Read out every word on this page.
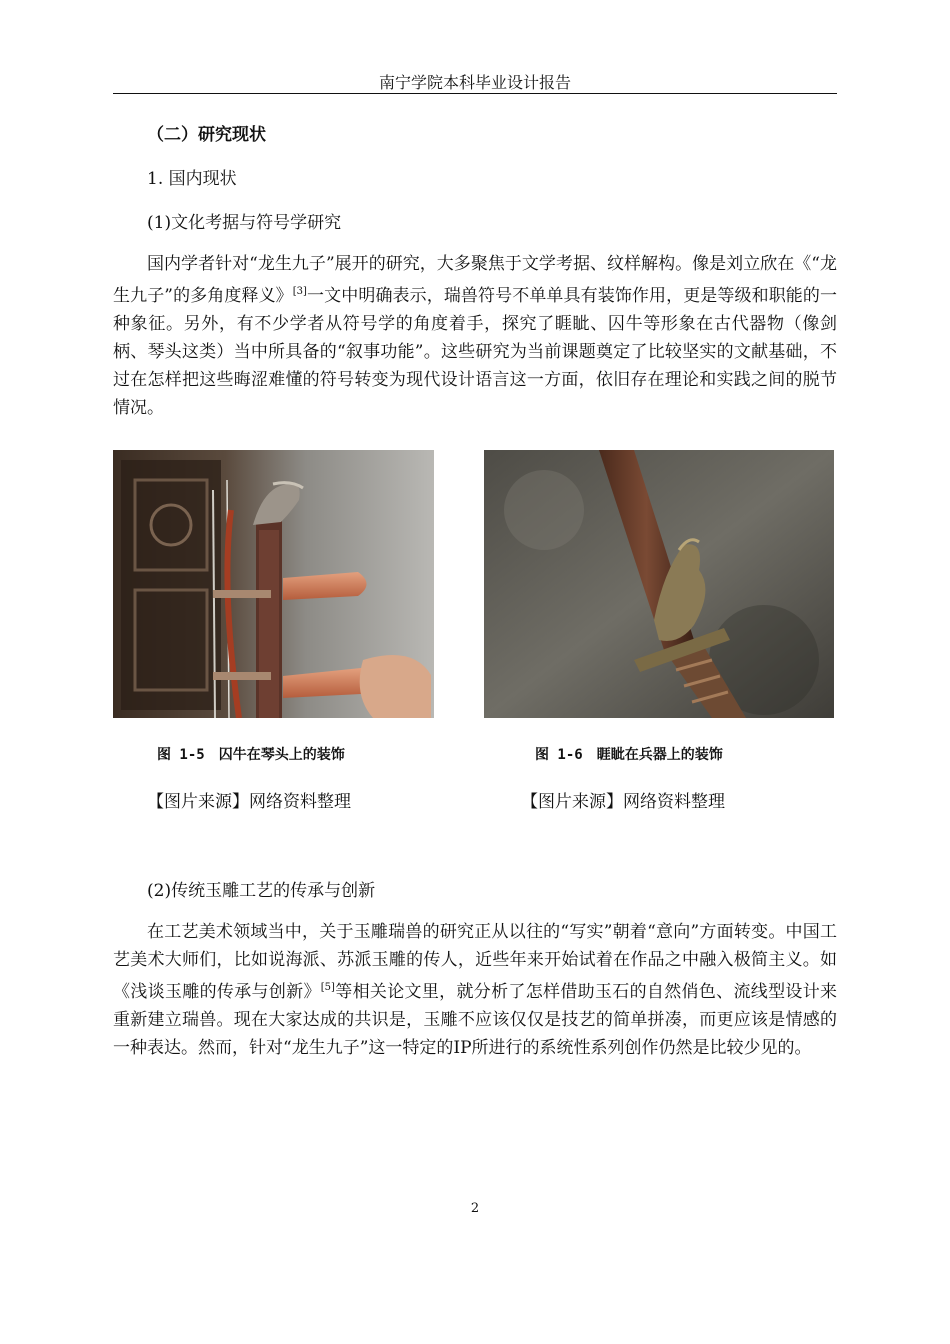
南宁学院本科毕业设计报告
（二）研究现状
1. 国内现状
(1)文化考据与符号学研究

国内学者针对“龙生九子”展开的研究，大多聚焦于文学考据、纹样解构。像是刘立欣在《“龙生九子”的多角度释义》[3]一文中明确表示，瑞兽符号不单单具有装饰作用，更是等级和职能的一种象征。另外，有不少学者从符号学的角度着手，探究了睚眦、囚牛等形象在古代器物（像剑柄、琴头这类）当中所具备的“叙事功能”。这些研究为当前课题奠定了比较坚实的文献基础，不过在怎样把这些晦涩难懂的符号转变为现代设计语言这一方面，依旧存在理论和实践之间的脱节情况。

图 1-5　囚牛在琴头上的装饰	图 1-6　睚眦在兵器上的装饰
【图片来源】网络资料整理	【图片来源】网络资料整理
(2)传统玉雕工艺的传承与创新

在工艺美术领域当中，关于玉雕瑞兽的研究正从以往的“写实”朝着“意向”方面转变。中国工艺美术大师们，比如说海派、苏派玉雕的传人，近些年来开始试着在作品之中融入极简主义。如《浅谈玉雕的传承与创新》[5]等相关论文里，就分析了怎样借助玉石的自然俏色、流线型设计来重新建立瑞兽。现在大家达成的共识是，玉雕不应该仅仅是技艺的简单拼凑，而更应该是情感的一种表达。然而，针对“龙生九子”这一特定的IP所进行的系统性系列创作仍然是比较少见的。

2
